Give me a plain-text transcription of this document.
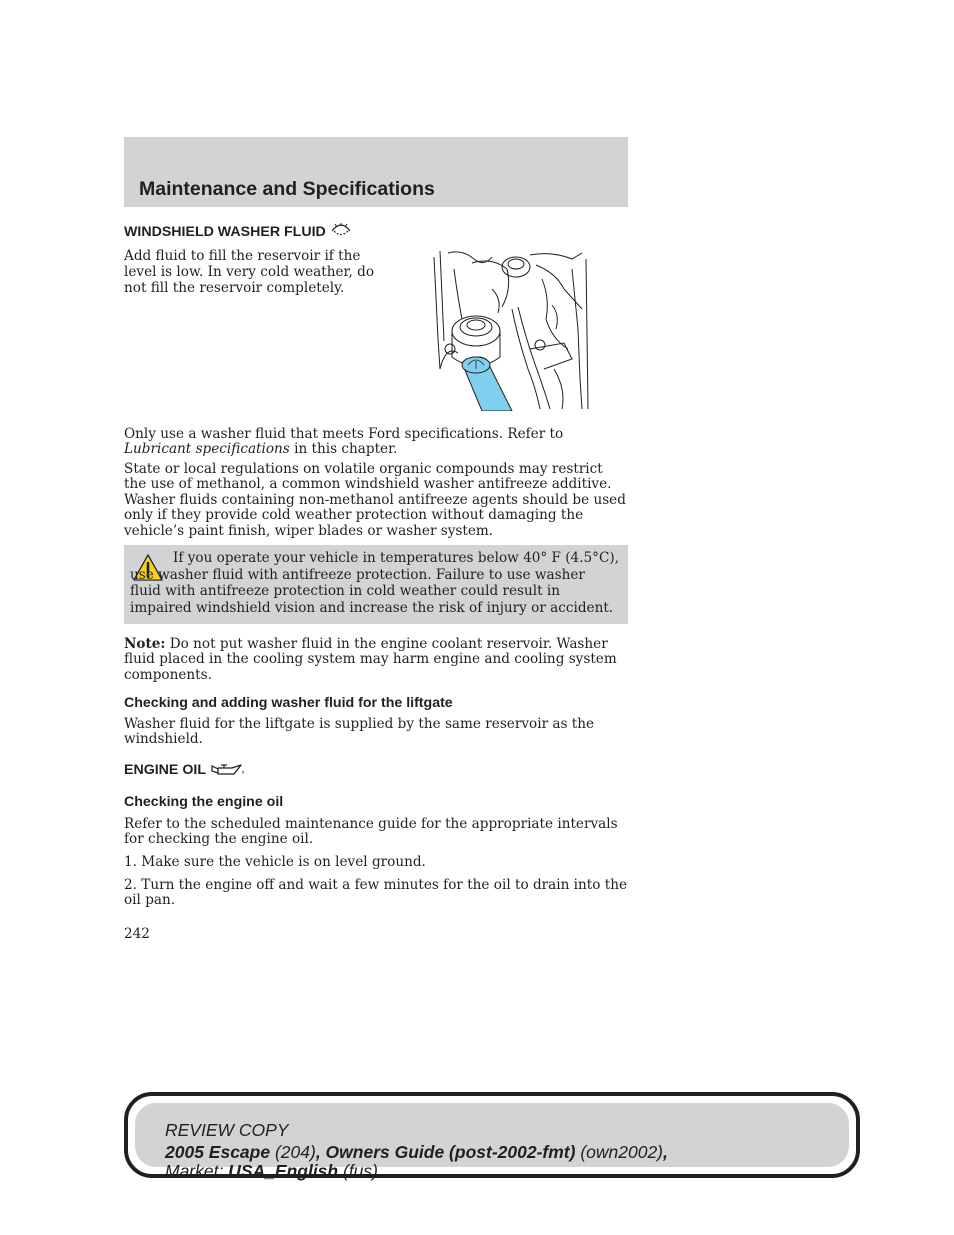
Maintenance and Specifications
WINDSHIELD WASHER FLUID

Add fluid to fill the reservoir if the level is low. In very cold weather, do not fill the reservoir completely.

Only use a washer fluid that meets Ford specifications. Refer to Lubricant specifications in this chapter.

State or local regulations on volatile organic compounds may restrict the use of methanol, a common windshield washer antifreeze additive. Washer fluids containing non-methanol antifreeze agents should be used only if they provide cold weather protection without damaging the vehicle’s paint finish, wiper blades or washer system.

If you operate your vehicle in temperatures below 40° F (4.5°C), use washer fluid with antifreeze protection. Failure to use washer fluid with antifreeze protection in cold weather could result in impaired windshield vision and increase the risk of injury or accident.

Note: Do not put washer fluid in the engine coolant reservoir. Washer fluid placed in the cooling system may harm engine and cooling system components.

Checking and adding washer fluid for the liftgate

Washer fluid for the liftgate is supplied by the same reservoir as the windshield.

ENGINE OIL
Checking the engine oil

Refer to the scheduled maintenance guide for the appropriate intervals for checking the engine oil.

1. Make sure the vehicle is on level ground.

2. Turn the engine off and wait a few minutes for the oil to drain into the oil pan.

242

REVIEW COPY

2005 Escape (204), Owners Guide (post-2002-fmt) (own2002),

Market: USA_English (fus)
